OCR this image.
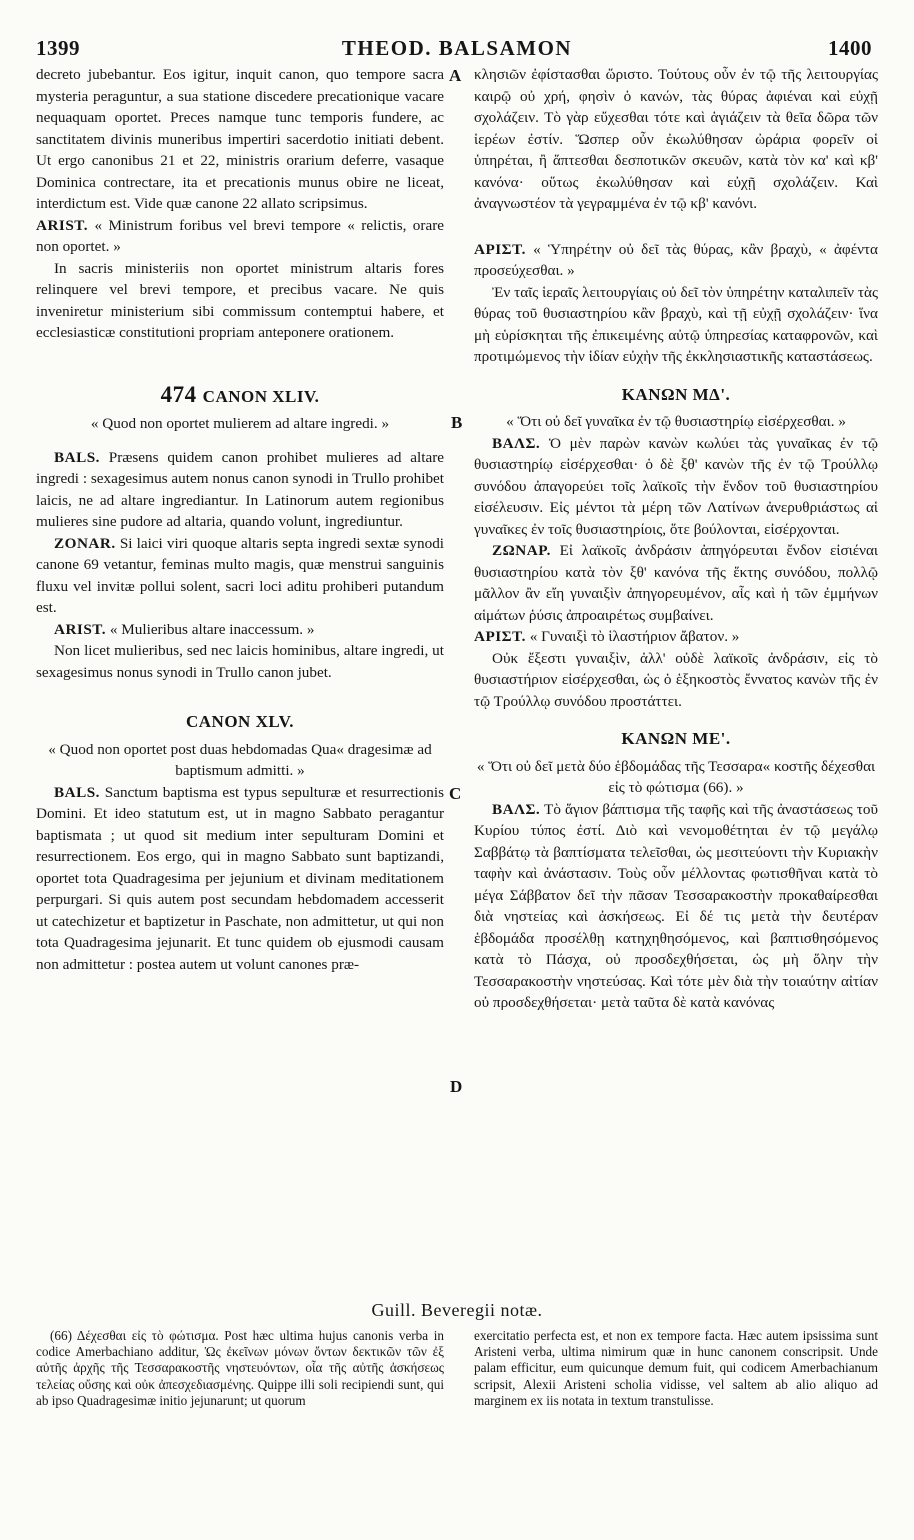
1399	THEOD. BALSAMON	1400
A
B
C
D

decreto jubebantur. Eos igitur, inquit canon, quo tempore sacra mysteria peraguntur, a sua statione discedere precationique vacare nequaquam oportet. Preces namque tunc temporis fundere, ac sanctitatem divinis muneribus impertiri sacerdotio initiati debent. Ut ergo canonibus 21 et 22, ministris orarium deferre, vasaque Dominica contrectare, ita et precationis munus obire ne liceat, interdictum est. Vide quæ canone 22 allato scripsimus.

ARIST. « Ministrum foribus vel brevi tempore « relictis, orare non oportet. »

In sacris ministeriis non oportet ministrum altaris fores relinquere vel brevi tempore, et precibus vacare. Ne quis inveniretur ministerium sibi commissum contemptui habere, et ecclesiasticæ constitutioni propriam anteponere orationem.

474 CANON XLIV.

« Quod non oportet mulierem ad altare ingredi. »

BALS. Præsens quidem canon prohibet mulieres ad altare ingredi : sexagesimus autem nonus canon synodi in Trullo prohibet laicis, ne ad altare ingrediantur. In Latinorum autem regionibus mulieres sine pudore ad altaria, quando volunt, ingrediuntur.

ZONAR. Si laici viri quoque altaris septa ingredi sextæ synodi canone 69 vetantur, feminas multo magis, quæ menstrui sanguinis fluxu vel invitæ pollui solent, sacri loci aditu prohiberi putandum est.

ARIST. « Mulieribus altare inaccessum. »

Non licet mulieribus, sed nec laicis hominibus, altare ingredi, ut sexagesimus nonus synodi in Trullo canon jubet.

CANON XLV.

« Quod non oportet post duas hebdomadas Qua« dragesimæ ad baptismum admitti. »

BALS. Sanctum baptisma est typus sepulturæ et resurrectionis Domini. Et ideo statutum est, ut in magno Sabbato peragantur baptismata ; ut quod sit medium inter sepulturam Domini et resurrectionem. Eos ergo, qui in magno Sabbato sunt baptizandi, oportet tota Quadragesima per jejunium et divinam meditationem perpurgari. Si quis autem post secundam hebdomadem accesserit ut catechizetur et baptizetur in Paschate, non admittetur, ut qui non tota Quadragesima jejunarit. Et tunc quidem ob ejusmodi causam non admittetur : postea autem ut volunt canones præ-

κλησιῶν ἐφίστασθαι ὥριστο. Τούτους οὖν ἐν τῷ τῆς λειτουργίας καιρῷ οὐ χρή, φησὶν ὁ κανών, τὰς θύρας ἀφιέναι καὶ εὐχῇ σχολάζειν. Τὸ γὰρ εὔχεσθαι τότε καὶ ἁγιάζειν τὰ θεῖα δῶρα τῶν ἱερέων ἐστίν. Ὥσπερ οὖν ἐκωλύθησαν ὠράρια φορεῖν οἱ ὑπηρέται, ἢ ἅπτεσθαι δεσποτικῶν σκευῶν, κατὰ τὸν κα' καὶ κβ' κανόνα· οὕτως ἐκωλύθησαν καὶ εὐχῇ σχολάζειν. Καὶ ἀναγνωστέον τὰ γεγραμμένα ἐν τῷ κβ' κανόνι.

ΑΡΙΣΤ. « Ὑπηρέτην οὐ δεῖ τὰς θύρας, κἂν βραχὺ, « ἀφέντα προσεύχεσθαι. »

Ἐν ταῖς ἱεραῖς λειτουργίαις οὐ δεῖ τὸν ὑπηρέτην καταλιπεῖν τὰς θύρας τοῦ θυσιαστηρίου κἂν βραχὺ, καὶ τῇ εὐχῇ σχολάζειν· ἵνα μὴ εὑρίσκηται τῆς ἐπικειμένης αὐτῷ ὑπηρεσίας καταφρονῶν, καὶ προτιμώμενος τὴν ἰδίαν εὐχὴν τῆς ἐκκλησιαστικῆς καταστάσεως.

ΚΑΝΩΝ ΜΔ'.

« Ὅτι οὐ δεῖ γυναῖκα ἐν τῷ θυσιαστηρίῳ εἰσέρχεσθαι. »

ΒΑΛΣ. Ὁ μὲν παρὼν κανὼν κωλύει τὰς γυναῖκας ἐν τῷ θυσιαστηρίῳ εἰσέρχεσθαι· ὁ δὲ ξθ' κανὼν τῆς ἐν τῷ Τρούλλῳ συνόδου ἀπαγορεύει τοῖς λαϊκοῖς τὴν ἔνδον τοῦ θυσιαστηρίου εἰσέλευσιν. Εἰς μέντοι τὰ μέρη τῶν Λατίνων ἀνερυθριάστως αἱ γυναῖκες ἐν τοῖς θυσιαστηρίοις, ὅτε βούλονται, εἰσέρχονται.

ΖΩΝΑΡ. Εἰ λαϊκοῖς ἀνδράσιν ἀπηγόρευται ἔνδον εἰσιέναι θυσιαστηρίου κατὰ τὸν ξθ' κανόνα τῆς ἕκτης συνόδου, πολλῷ μᾶλλον ἂν εἴη γυναιξὶν ἀπηγορευμένον, αἷς καὶ ἡ τῶν ἐμμήνων αἱμάτων ῥύσις ἀπροαιρέτως συμβαίνει.

ΑΡΙΣΤ. « Γυναιξὶ τὸ ἱλαστήριον ἄβατον. »

Οὐκ ἔξεστι γυναιξὶν, ἀλλ' οὐδὲ λαϊκοῖς ἀνδράσιν, εἰς τὸ θυσιαστήριον εἰσέρχεσθαι, ὡς ὁ ἑξηκοστὸς ἔννατος κανὼν τῆς ἐν τῷ Τρούλλῳ συνόδου προστάττει.

ΚΑΝΩΝ ΜΕ'.

« Ὅτι οὐ δεῖ μετὰ δύο ἑβδομάδας τῆς Τεσσαρα« κοστῆς δέχεσθαι εἰς τὸ φώτισμα (66). »

ΒΑΛΣ. Τὸ ἅγιον βάπτισμα τῆς ταφῆς καὶ τῆς ἀναστάσεως τοῦ Κυρίου τύπος ἐστί. Διὸ καὶ νενομοθέτηται ἐν τῷ μεγάλῳ Σαββάτῳ τὰ βαπτίσματα τελεῖσθαι, ὡς μεσιτεύοντι τὴν Κυριακὴν ταφὴν καὶ ἀνάστασιν. Τοὺς οὖν μέλλοντας φωτισθῆναι κατὰ τὸ μέγα Σάββατον δεῖ τὴν πᾶσαν Τεσσαρακοστὴν προκαθαίρεσθαι διὰ νηστείας καὶ ἀσκήσεως. Εἰ δέ τις μετὰ τὴν δευτέραν ἑβδομάδα προσέλθῃ κατηχηθησόμενος, καὶ βαπτισθησόμενος κατὰ τὸ Πάσχα, οὐ προσδεχθήσεται, ὡς μὴ ὅλην τὴν Τεσσαρακοστὴν νηστεύσας. Καὶ τότε μὲν διὰ τὴν τοιαύτην αἰτίαν οὐ προσδεχθήσεται· μετὰ ταῦτα δὲ κατὰ κανόνας

Guill. Beveregii notæ.

(66) Δέχεσθαι εἰς τὸ φώτισμα. Post hæc ultima hujus canonis verba in codice Amerbachiano additur, Ὡς ἐκεῖνων μόνων ὄντων δεκτικῶν τῶν ἐξ αὐτῆς ἀρχῆς τῆς Τεσσαρακοστῆς νηστευόντων, οἷα τῆς αὐτῆς ἀσκήσεως τελείας οὔσης καὶ οὐκ ἀπεσχεδιασμένης. Quippe illi soli recipiendi sunt, qui ab ipso Quadragesimæ initio jejunarunt; ut quorum

exercitatio perfecta est, et non ex tempore facta. Hæc autem ipsissima sunt Aristeni verba, ultima nimirum quæ in hunc canonem conscripsit. Unde palam efficitur, eum quicunque demum fuit, qui codicem Amerbachianum scripsit, Alexii Aristeni scholia vidisse, vel saltem ab alio aliquo ad marginem ex iis notata in textum transtulisse.
